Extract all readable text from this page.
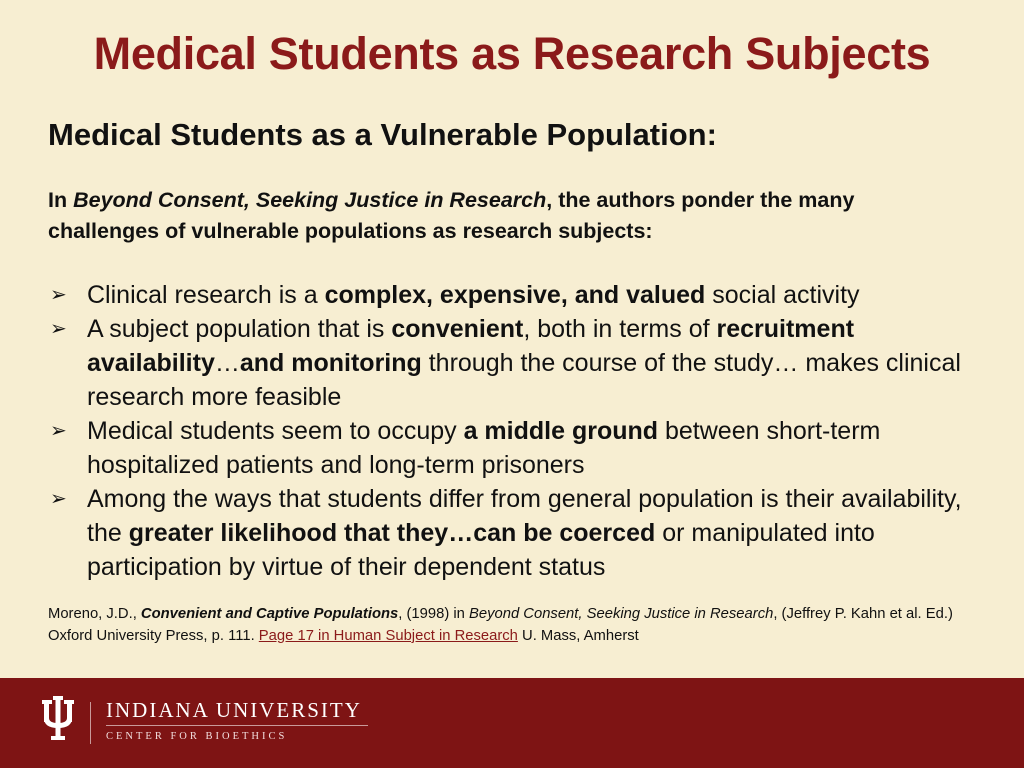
Medical Students as Research Subjects
Medical Students as a Vulnerable Population:
In Beyond Consent, Seeking Justice in Research, the authors ponder the many challenges of vulnerable populations as research subjects:
➢ Clinical research is a complex, expensive, and valued social activity
➢ A subject population that is convenient, both in terms of recruitment availability…and monitoring through the course of the study… makes clinical research more feasible
➢ Medical students seem to occupy a middle ground between short-term hospitalized patients and long-term prisoners
➢ Among the ways that students differ from general population is their availability, the greater likelihood that they…can be coerced or manipulated into participation by virtue of their dependent status
Moreno, J.D., Convenient and Captive Populations, (1998) in Beyond Consent, Seeking Justice in Research, (Jeffrey P. Kahn et al. Ed.) Oxford University Press, p. 111. Page 17 in Human Subject in Research U. Mass, Amherst
INDIANA UNIVERSITY
CENTER FOR BIOETHICS
